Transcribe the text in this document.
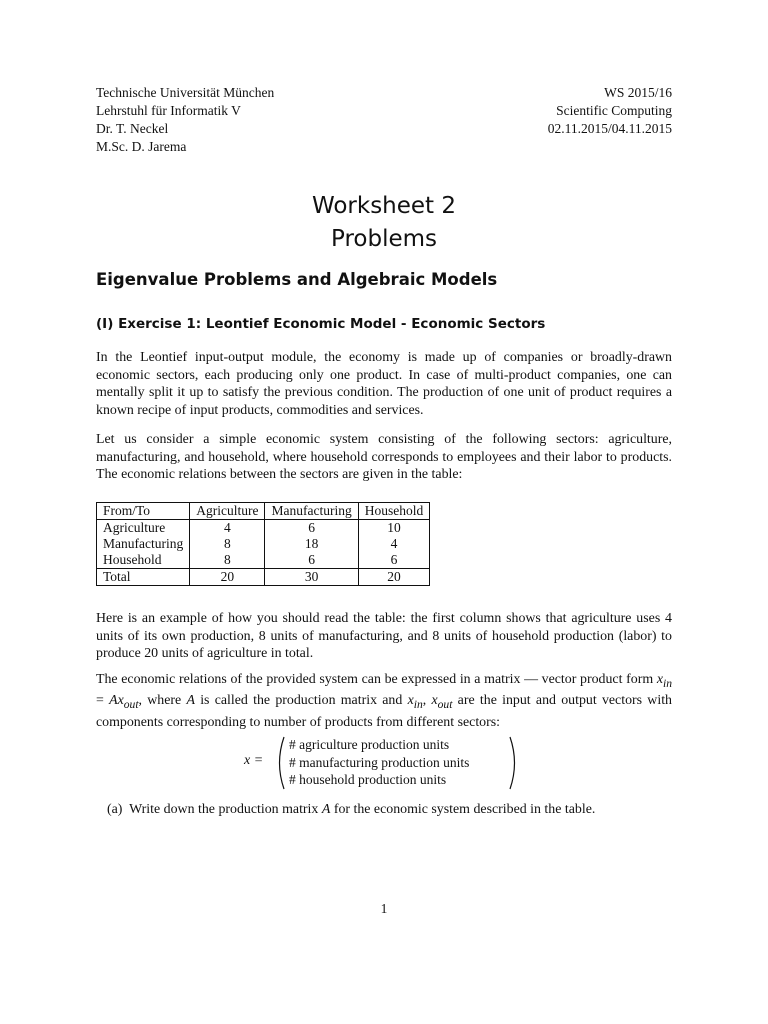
Technische Universität München
Lehrstuhl für Informatik V
Dr. T. Neckel
M.Sc. D. Jarema
WS 2015/16
Scientific Computing
02.11.2015/04.11.2015
Worksheet 2
Problems
Eigenvalue Problems and Algebraic Models
(I) Exercise 1: Leontief Economic Model - Economic Sectors

In the Leontief input-output module, the economy is made up of companies or broadly-drawn economic sectors, each producing only one product. In case of multi-product companies, one can mentally split it up to satisfy the previous condition. The production of one unit of product requires a known recipe of input products, commodities and services.

Let us consider a simple economic system consisting of the following sectors: agriculture, manufacturing, and household, where household corresponds to employees and their labor to products. The economic relations between the sectors are given in the table:

From/To	Agriculture	Manufacturing	Household
Agriculture	4	6	10
Manufacturing	8	18	4
Household	8	6	6
Total	20	30	20

Here is an example of how you should read the table: the first column shows that agriculture uses 4 units of its own production, 8 units of manufacturing, and 8 units of household production (labor) to produce 20 units of agriculture in total.

The economic relations of the provided system can be expressed in a matrix — vector product form $x_{in} = Ax_{out}$, where A is called the production matrix and $x_{in}$, $x_{out}$ are the input and output vectors with components corresponding to number of products from different sectors:

x =
# agriculture production units
# manufacturing production units
# household production units
(a) Write down the production matrix A for the economic system described in the table.
1
